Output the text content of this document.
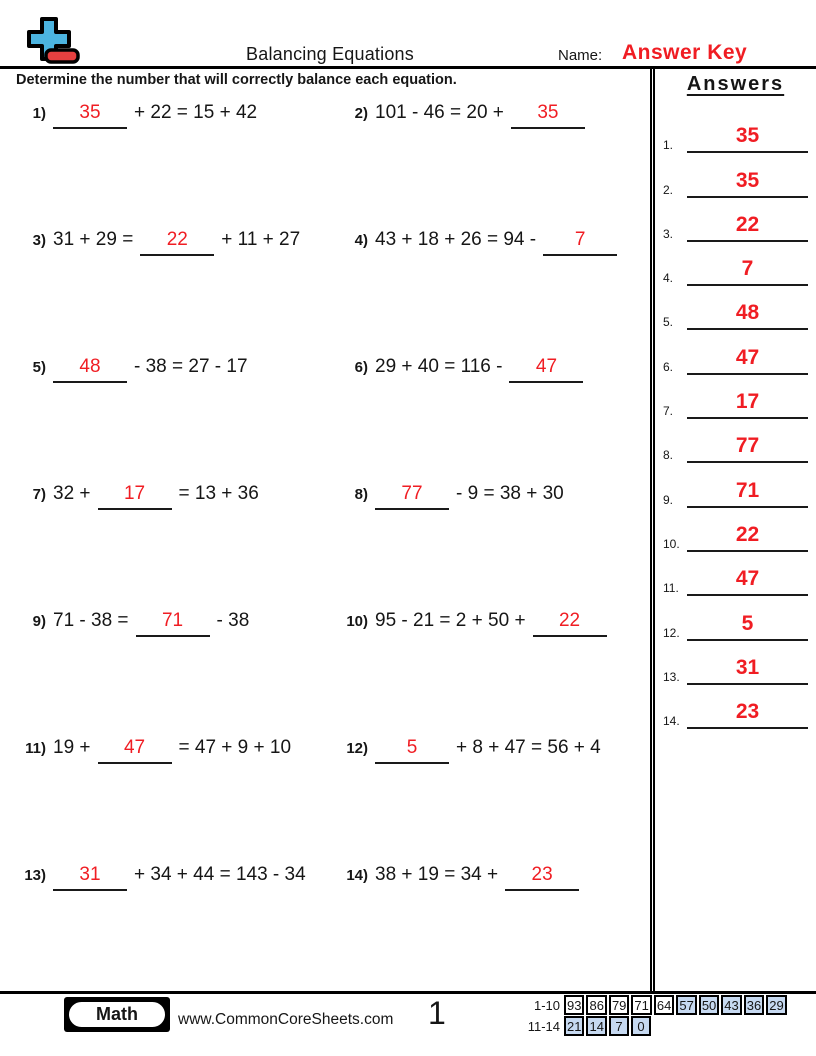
Balancing Equations	Name: Answer Key
Determine the number that will correctly balance each equation.
1)	35	+ 22 = 15 + 42	2) 101 - 46 = 20 +	35
3) 31 + 29 =	22	+ 11 + 27	4) 43 + 18 + 26 = 94 -	7
5)	48	- 38 = 27 - 17	6) 29 + 40 = 116 -	47
7) 32 +	17	= 13 + 36	8)	77	- 9 = 38 + 30
9) 71 - 38 =	71	- 38	10) 95 - 21 = 2 + 50 +	22
11) 19 +	47	= 47 + 9 + 10	12)	5	+ 8 + 47 = 56 + 4
13)	31	+ 34 + 44 = 143 - 34	14) 38 + 19 = 34 +	23
Answers
1.	35
2.	35
3.	22
4.	7
5.	48
6.	47
7.	17
8.	77
9.	71
10.	22
11.	47
12.	5
13.	31
14.	23
Math	www.CommonCoreSheets.com 1	1-10 93 86 79 71 64 57 50 43 36 29
11-14 21 14 7	0
